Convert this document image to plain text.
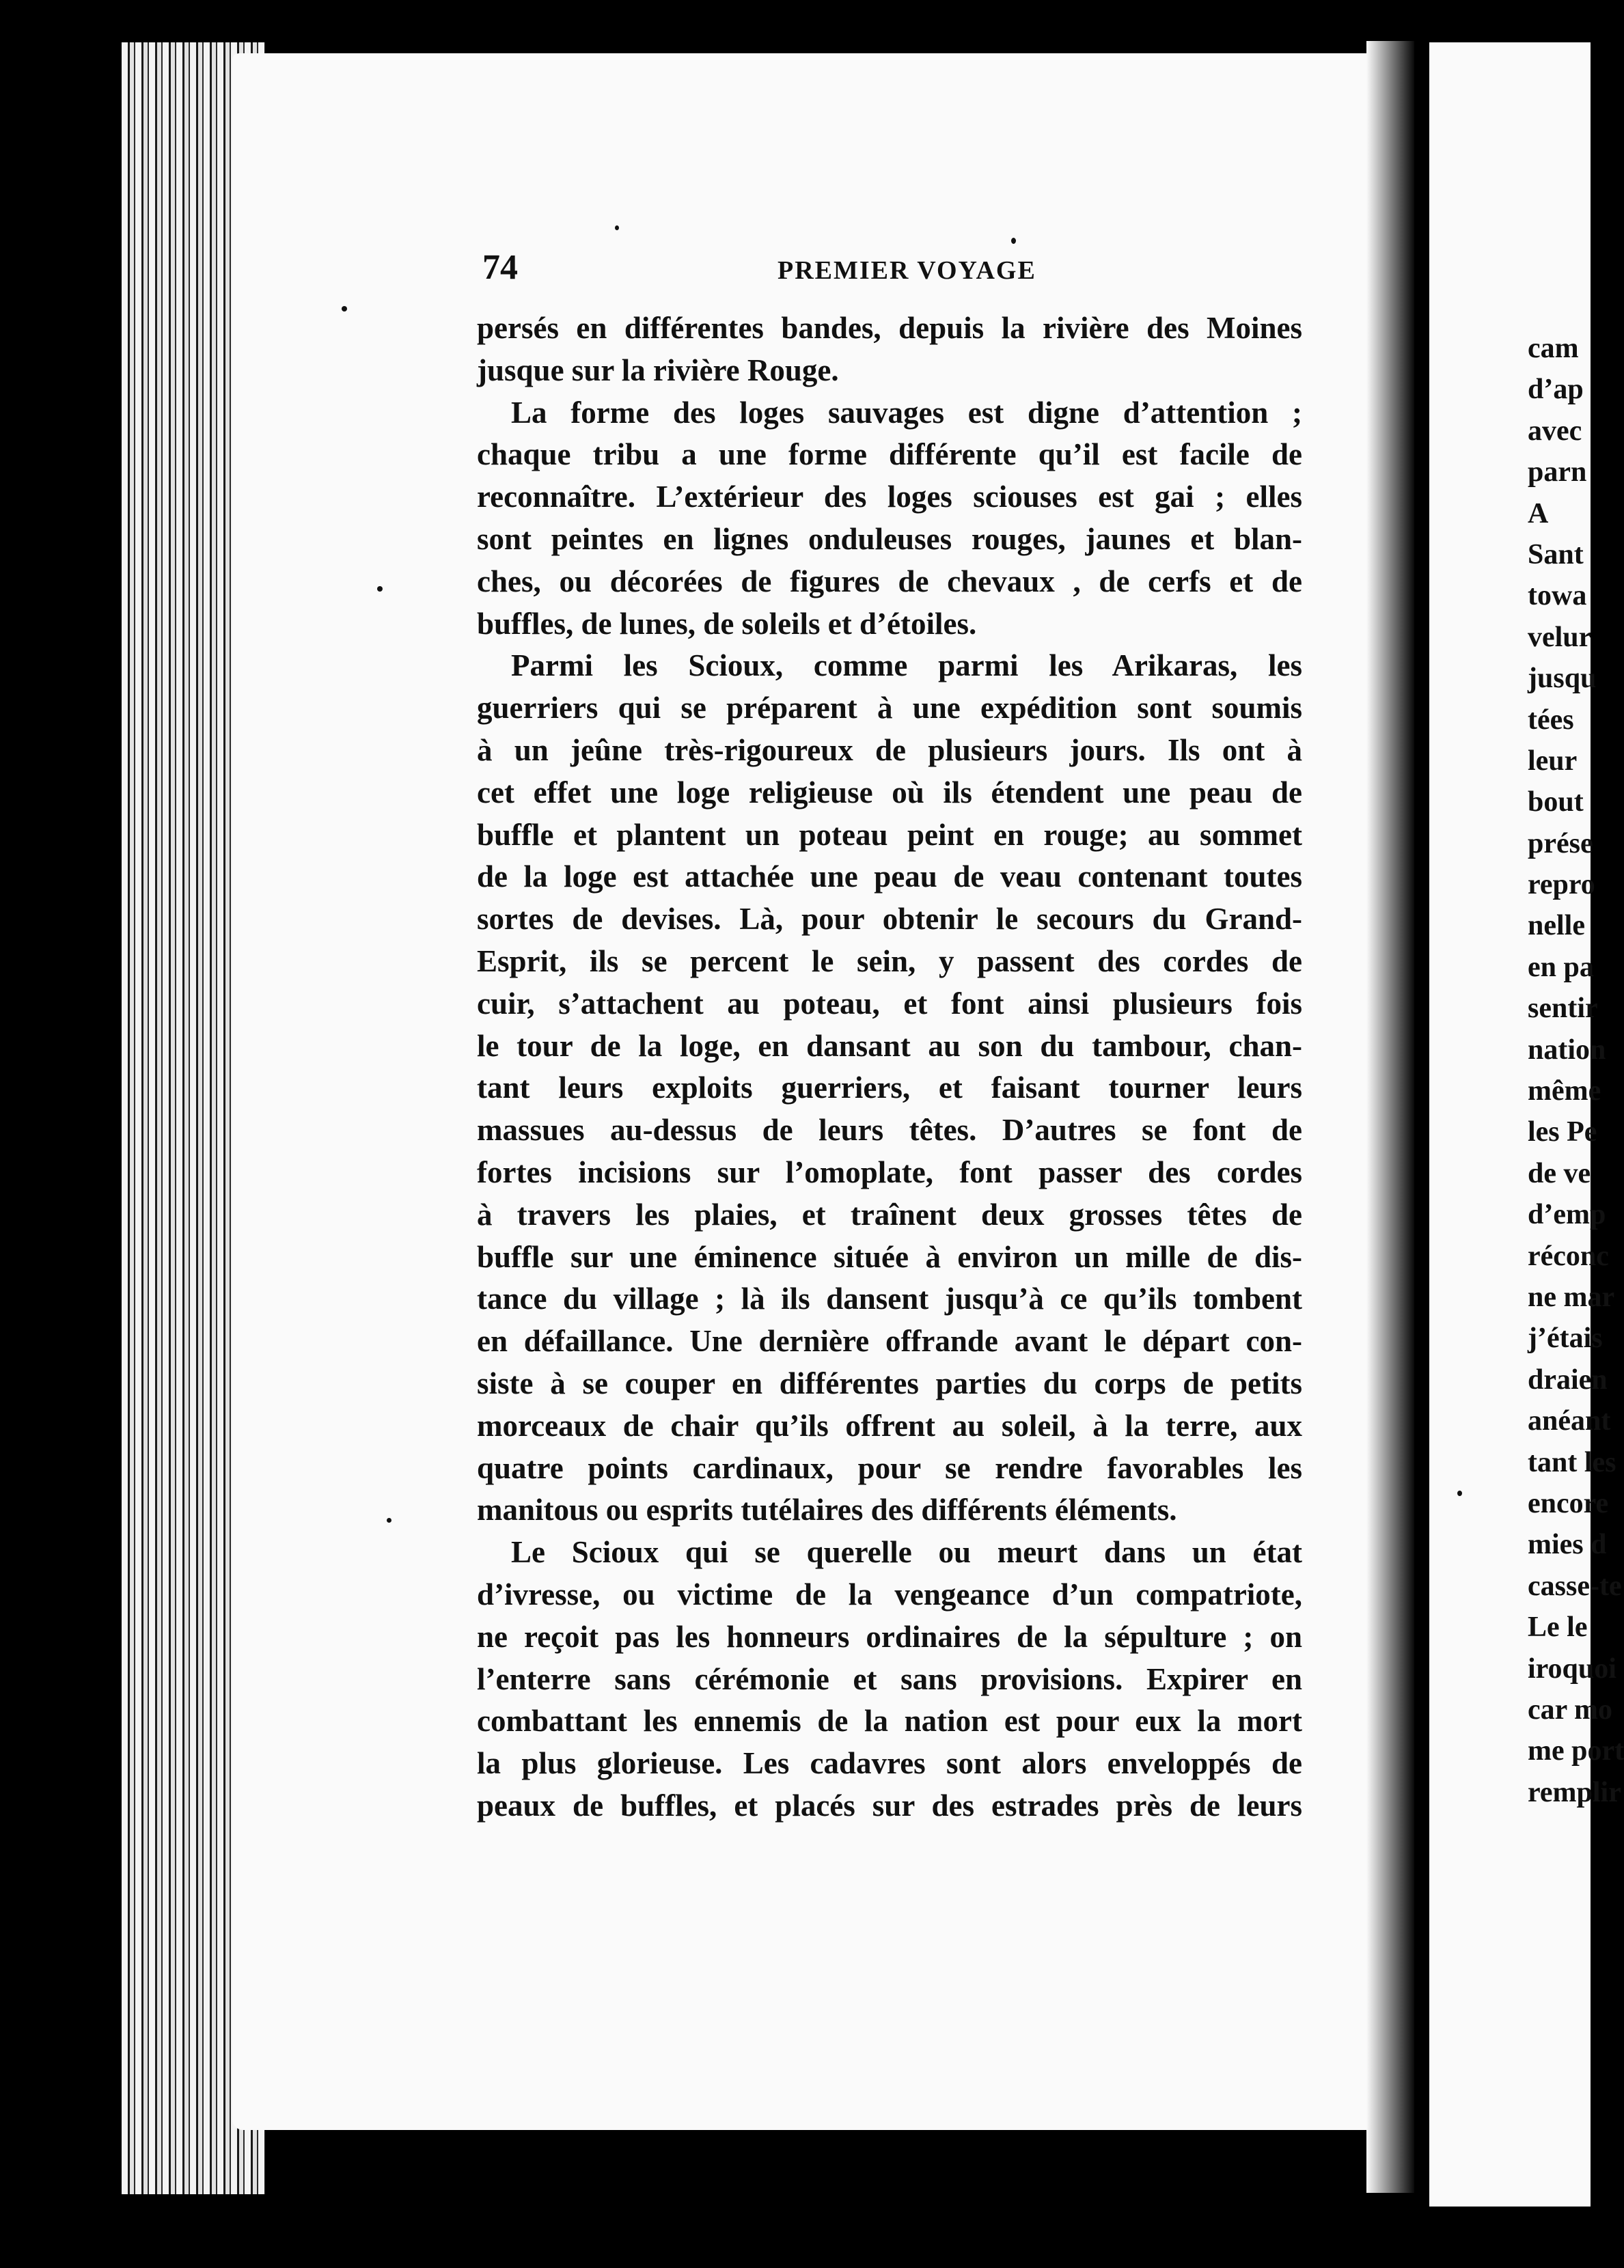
74	PREMIER VOYAGE
persés en différentes bandes, depuis la rivière des Moines
jusque sur la rivière Rouge.
La forme des loges sauvages est digne d’attention ;
chaque tribu a une forme différente qu’il est facile de
reconnaître. L’extérieur des loges sciouses est gai ; elles
sont peintes en lignes onduleuses rouges, jaunes et blan-
ches, ou décorées de figures de chevaux , de cerfs et de
buffles, de lunes, de soleils et d’étoiles.
Parmi les Scioux, comme parmi les Arikaras, les
guerriers qui se préparent à une expédition sont soumis
à un jeûne très-rigoureux de plusieurs jours. Ils ont à
cet effet une loge religieuse où ils étendent une peau de
buffle et plantent un poteau peint en rouge; au sommet
de la loge est attachée une peau de veau contenant toutes
sortes de devises. Là, pour obtenir le secours du Grand-
Esprit, ils se percent le sein, y passent des cordes de
cuir, s’attachent au poteau, et font ainsi plusieurs fois
le tour de la loge, en dansant au son du tambour, chan-
tant leurs exploits guerriers, et faisant tourner leurs
massues au-dessus de leurs têtes. D’autres se font de
fortes incisions sur l’omoplate, font passer des cordes
à travers les plaies, et traînent deux grosses têtes de
buffle sur une éminence située à environ un mille de dis-
tance du village ; là ils dansent jusqu’à ce qu’ils tombent
en défaillance. Une dernière offrande avant le départ con-
siste à se couper en différentes parties du corps de petits
morceaux de chair qu’ils offrent au soleil, à la terre, aux
quatre points cardinaux, pour se rendre favorables les
manitous ou esprits tutélaires des différents éléments.
Le Scioux qui se querelle ou meurt dans un état
d’ivresse, ou victime de la vengeance d’un compatriote,
ne reçoit pas les honneurs ordinaires de la sépulture ; on
l’enterre sans cérémonie et sans provisions. Expirer en
combattant les ennemis de la nation est pour eux la mort
la plus glorieuse. Les cadavres sont alors enveloppés de
peaux de buffles, et placés sur des estrades près de leurs
cam
d’ap
avec
parn
A
Sant
towa
velur
jusqu
tées
leur
bout
prése
repro
nelle
en pa
sentir
nation
même
les Pe
de ve
d’emp
réconc
ne mar
j’étais
draien
anéant
tant les
encore
mies d
casse-te
Le le
iroquoi
car mo
me port
remplir
